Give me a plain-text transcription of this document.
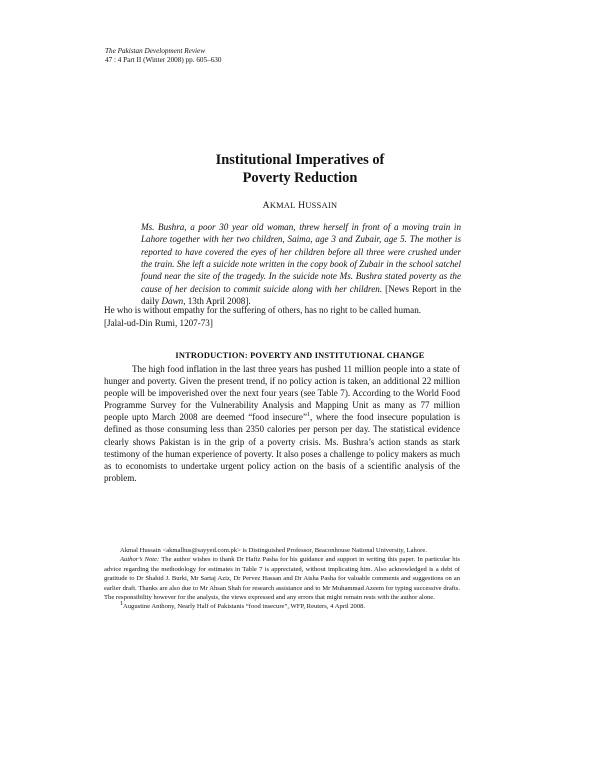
The Pakistan Development Review
47 : 4 Part II (Winter 2008) pp. 605–630
Institutional Imperatives of
Poverty Reduction
AKMAL HUSSAIN
Ms. Bushra, a poor 30 year old woman, threw herself in front of a moving train in Lahore together with her two children, Saima, age 3 and Zubair, age 5. The mother is reported to have covered the eyes of her children before all three were crushed under the train. She left a suicide note written in the copy book of Zubair in the school satchel found near the site of the tragedy. In the suicide note Ms. Bushra stated poverty as the cause of her decision to commit suicide along with her children. [News Report in the daily Dawn, 13th April 2008].
He who is without empathy for the suffering of others, has no right to be called human.
[Jalal-ud-Din Rumi, 1207-73]
INTRODUCTION: POVERTY AND INSTITUTIONAL CHANGE
The high food inflation in the last three years has pushed 11 million people into a state of hunger and poverty. Given the present trend, if no policy action is taken, an additional 22 million people will be impoverished over the next four years (see Table 7). According to the World Food Programme Survey for the Vulnerability Analysis and Mapping Unit as many as 77 million people upto March 2008 are deemed “food insecure”$^1$, where the food insecure population is defined as those consuming less than 2350 calories per person per day. The statistical evidence clearly shows Pakistan is in the grip of a poverty crisis. Ms. Bushra’s action stands as stark testimony of the human experience of poverty. It also poses a challenge to policy makers as much as to economists to undertake urgent policy action on the basis of a scientific analysis of the problem.

Akmal Hussain <akmalhus@sayyed.com.pk> is Distinguished Professor, Beaconhouse National University, Lahore.

Author’s Note: The author wishes to thank Dr Hafiz Pasha for his guidance and support in writing this paper. In particular his advice regarding the methodology for estimates in Table 7 is appreciated, without implicating him. Also acknowledged is a debt of gratitude to Dr Shahid J. Burki, Mr Sartaj Aziz, Dr Pervez Hassan and Dr Aisha Pasha for valuable comments and suggestions on an earlier draft. Thanks are also due to Mr Ahsan Shah for research assistance and to Mr Muhammad Azeem for typing successive drafts. The responsibility however for the analysis, the views expressed and any errors that might remain rests with the author alone.

$^1$Augustine Anthony, Nearly Half of Pakistanis “food insecure”, WFP, Reuters, 4 April 2008.
